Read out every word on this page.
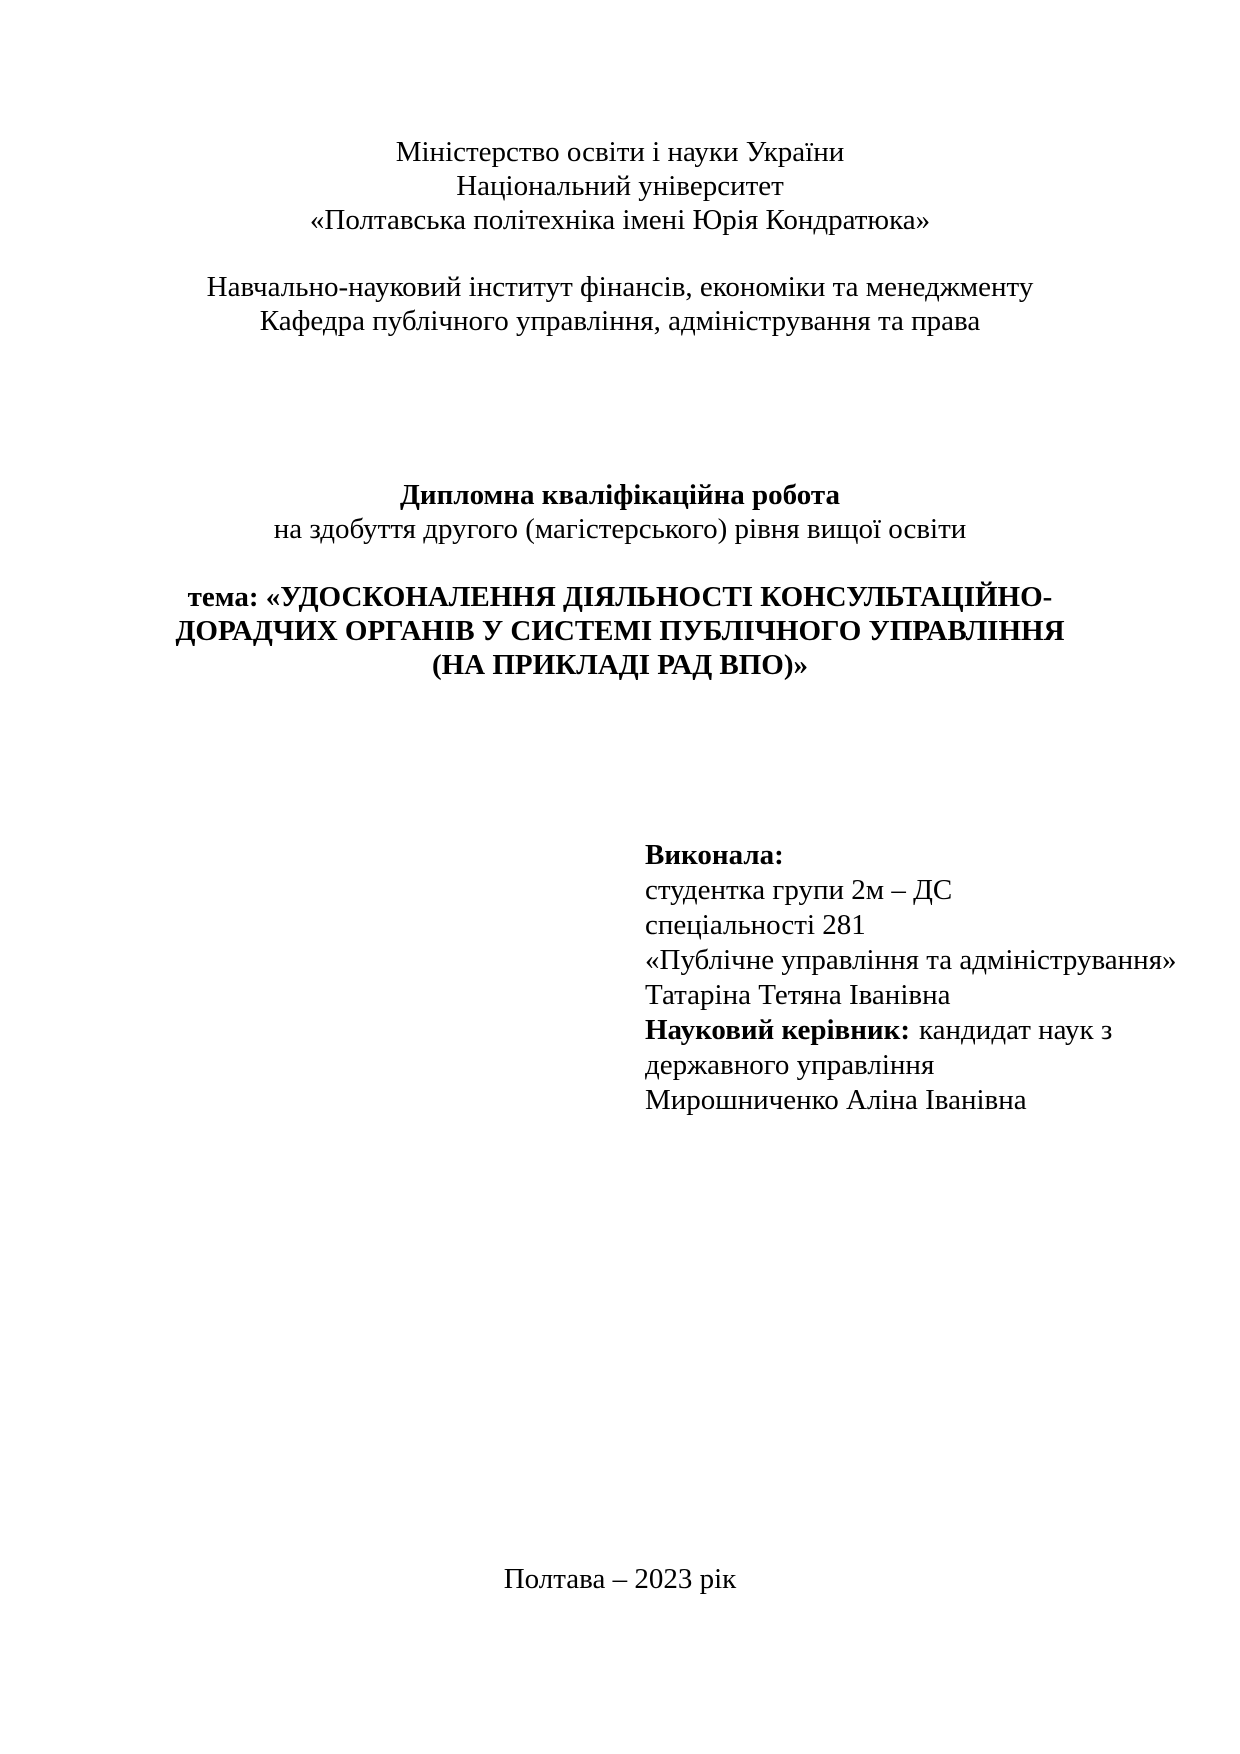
Міністерство освіти і науки України
Національний університет
«Полтавська політехніка імені Юрія Кондратюка»
Навчально-науковий інститут фінансів, економіки та менеджменту
Кафедра публічного управління, адміністрування та права
Дипломна кваліфікаційна робота
на здобуття другого (магістерського) рівня вищої освіти
тема: «УДОСКОНАЛЕННЯ ДІЯЛЬНОСТІ КОНСУЛЬТАЦІЙНО-
ДОРАДЧИХ ОРГАНІВ У СИСТЕМІ ПУБЛІЧНОГО УПРАВЛІННЯ
(НА ПРИКЛАДІ РАД ВПО)»
Виконала:
студентка групи 2м – ДС
спеціальності 281
«Публічне управління та адміністрування»
Татаріна Тетяна Іванівна
Науковий керівник: кандидат наук з
державного управління
Мирошниченко Аліна Іванівна
Полтава – 2023 рік
